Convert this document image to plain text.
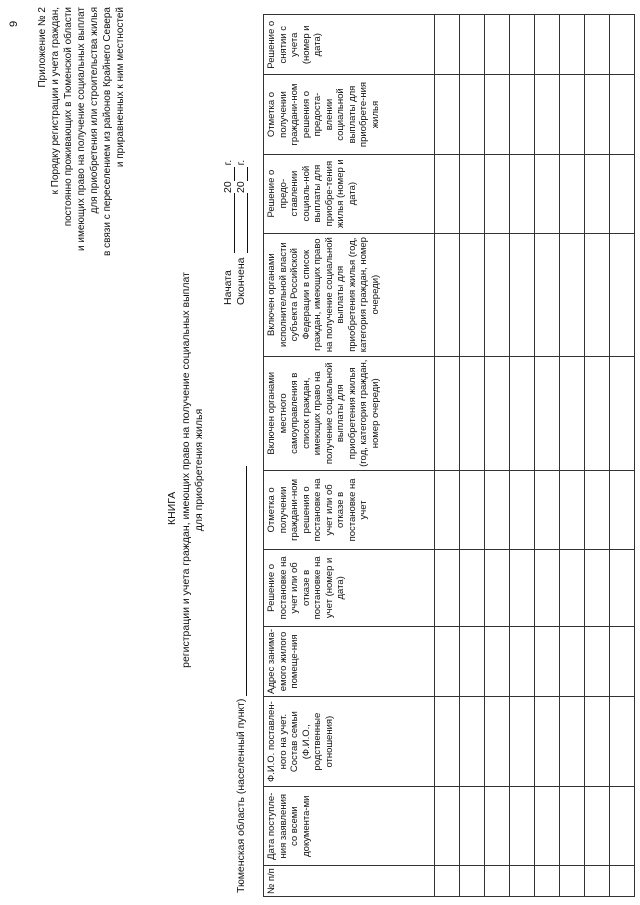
9 Приложение № 2 к Порядку регистрации и учета граждан, постоянно проживающих в Тюменской области и имеющих право на получение социальных выплат для приобретения или строительства жилья в связи с переселением из районов Крайнего Севера и приравненных к ним местностей
КНИГА регистрации и учета граждан, имеющих право на получение социальных выплат для приобретения жилья
Начата
20
г.
Окончена
20
г.
Тюменская область (населенный пункт) № п/п	Дата поступле-ния заявления со всеми документа-ми	Ф.И.О. поставлен-ного на учет. Состав семьи (Ф.И.О., родственные отношения)	Адрес занима-емого жилого помеще-ния	Решение о постановке на учет или об отказе в постановке на учет (номер и дата)	Отметка о получении граждани-ном решения о постановке на учет или об отказе в постановке на учет	Включен органами местного самоуправления в список граждан, имеющих право на получение социальной выплаты для приобретения жилья (год, категория граждан, номер очереди)	Включен органами исполнительной власти субъекта Российской Федерации в список граждан, имеющих право на получение социальной выплаты для приобретения жилья (год, категория граждан, номер очереди)	Решение о предо-ставлении социаль-ной выплаты для приобре-тения жилья (номер и дата)	Отметка о получении граждани-ном решения о предоста-влении социальной выплаты для приобрете-ния жилья	Решение о снятии с учета (номер и дата)
